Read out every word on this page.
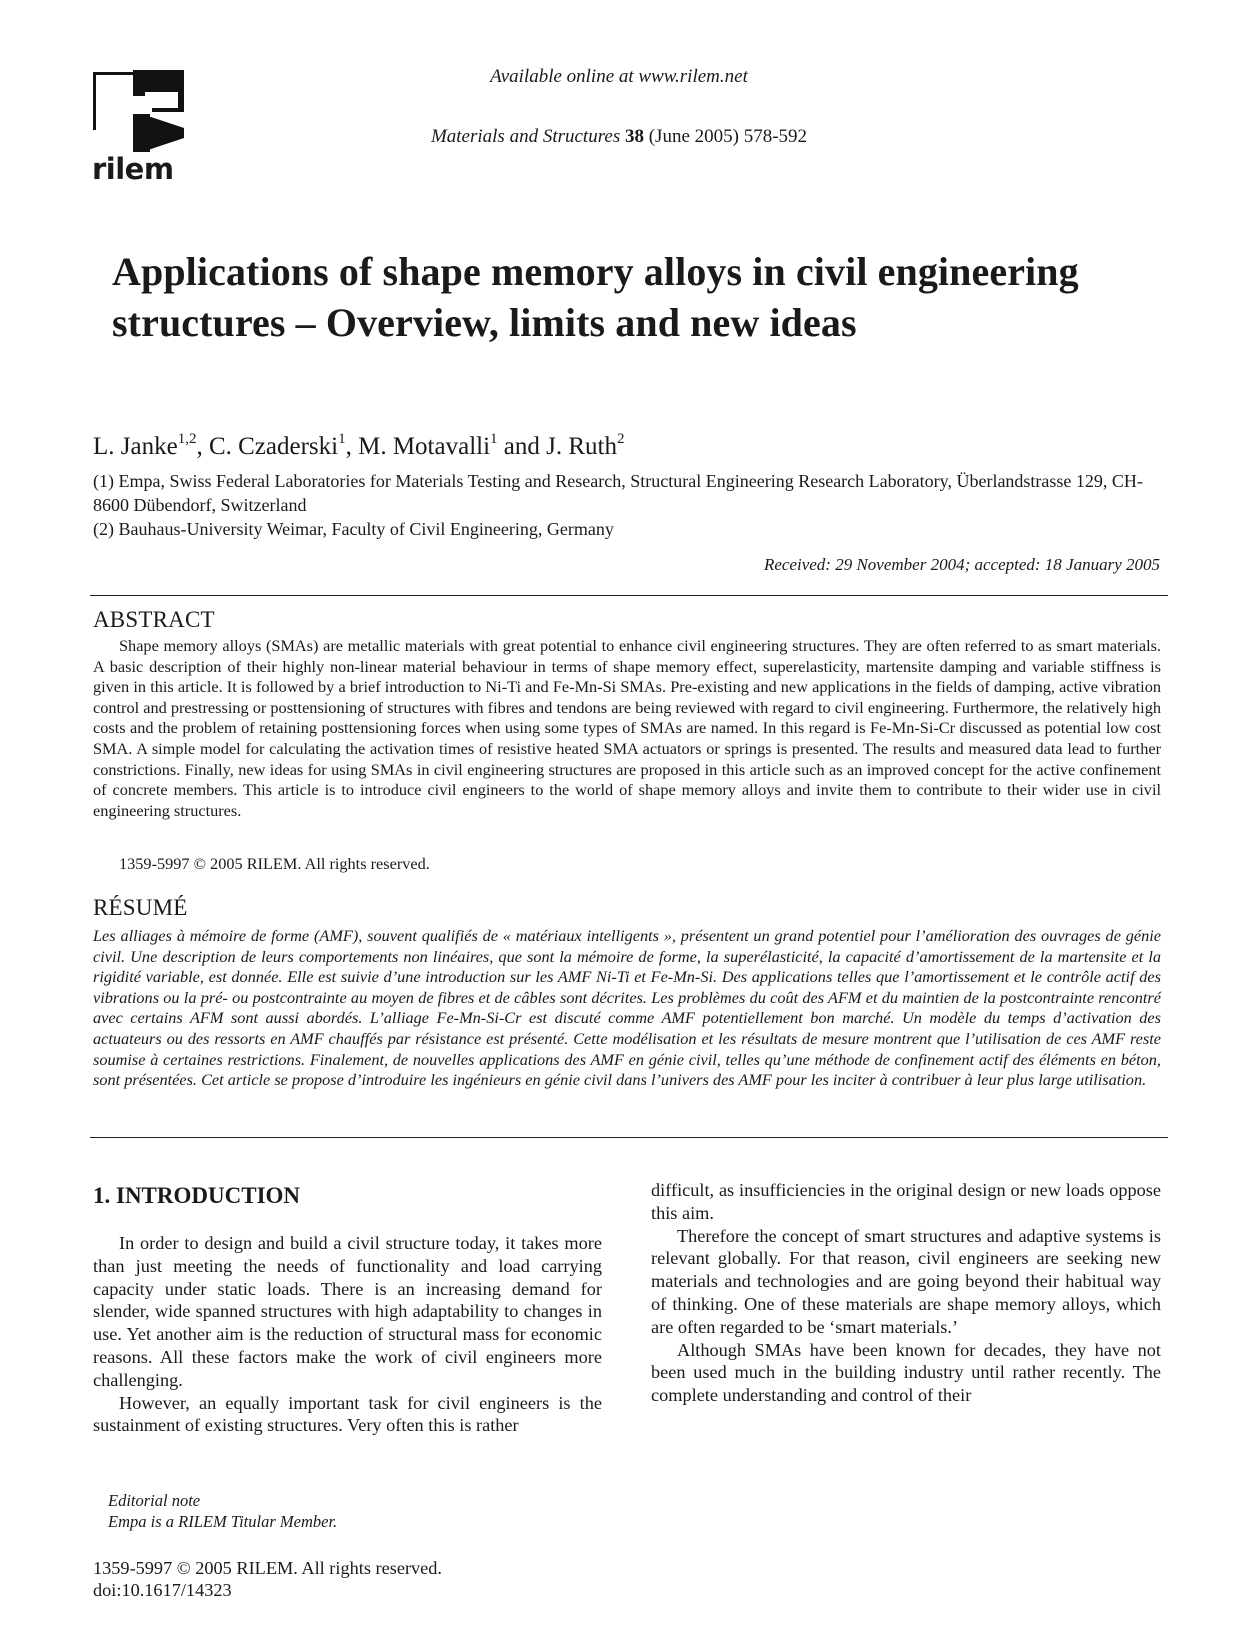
rilem
Available online at www.rilem.net
Materials and Structures 38 (June 2005) 578-592
Applications of shape memory alloys in civil engineering
structures – Overview, limits and new ideas
L. Janke$^{1,2}$, C. Czaderski$^1$, M. Motavalli$^1$ and J. Ruth$^2$
(1) Empa, Swiss Federal Laboratories for Materials Testing and Research, Structural Engineering Research Laboratory, Überlandstrasse 129, CH-8600 Dübendorf, Switzerland
(2) Bauhaus-University Weimar, Faculty of Civil Engineering, Germany
Received: 29 November 2004; accepted: 18 January 2005
ABSTRACT
Shape memory alloys (SMAs) are metallic materials with great potential to enhance civil engineering structures. They are often referred to as smart materials. A basic description of their highly non-linear material behaviour in terms of shape memory effect, superelasticity, martensite damping and variable stiffness is given in this article. It is followed by a brief introduction to Ni-Ti and Fe-Mn-Si SMAs. Pre-existing and new applications in the fields of damping, active vibration control and prestressing or posttensioning of structures with fibres and tendons are being reviewed with regard to civil engineering. Furthermore, the relatively high costs and the problem of retaining posttensioning forces when using some types of SMAs are named. In this regard is Fe-Mn-Si-Cr discussed as potential low cost SMA. A simple model for calculating the activation times of resistive heated SMA actuators or springs is presented. The results and measured data lead to further constrictions. Finally, new ideas for using SMAs in civil engineering structures are proposed in this article such as an improved concept for the active confinement of concrete members. This article is to introduce civil engineers to the world of shape memory alloys and invite them to contribute to their wider use in civil engineering structures.
1359-5997 © 2005 RILEM. All rights reserved.
RÉSUMÉ
Les alliages à mémoire de forme (AMF), souvent qualifiés de « matériaux intelligents », présentent un grand potentiel pour l’amélioration des ouvrages de génie civil. Une description de leurs comportements non linéaires, que sont la mémoire de forme, la superélasticité, la capacité d’amortissement de la martensite et la rigidité variable, est donnée. Elle est suivie d’une introduction sur les AMF Ni-Ti et Fe-Mn-Si. Des applications telles que l’amortissement et le contrôle actif des vibrations ou la pré- ou postcontrainte au moyen de fibres et de câbles sont décrites. Les problèmes du coût des AFM et du maintien de la postcontrainte rencontré avec certains AFM sont aussi abordés. L’alliage Fe-Mn-Si-Cr est discuté comme AMF potentiellement bon marché. Un modèle du temps d’activation des actuateurs ou des ressorts en AMF chauffés par résistance est présenté. Cette modélisation et les résultats de mesure montrent que l’utilisation de ces AMF reste soumise à certaines restrictions. Finalement, de nouvelles applications des AMF en génie civil, telles qu’une méthode de confinement actif des éléments en béton, sont présentées. Cet article se propose d’introduire les ingénieurs en génie civil dans l’univers des AMF pour les inciter à contribuer à leur plus large utilisation.
1. INTRODUCTION

In order to design and build a civil structure today, it takes more than just meeting the needs of functionality and load carrying capacity under static loads. There is an increasing demand for slender, wide spanned structures with high adaptability to changes in use. Yet another aim is the reduction of structural mass for economic reasons. All these factors make the work of civil engineers more challenging.

However, an equally important task for civil engineers is the sustainment of existing structures. Very often this is rather

difficult, as insufficiencies in the original design or new loads oppose this aim.

Therefore the concept of smart structures and adaptive systems is relevant globally. For that reason, civil engineers are seeking new materials and technologies and are going beyond their habitual way of thinking. One of these materials are shape memory alloys, which are often regarded to be ‘smart materials.’

Although SMAs have been known for decades, they have not been used much in the building industry until rather recently. The complete understanding and control of their

Editorial note
Empa is a RILEM Titular Member.
1359-5997 © 2005 RILEM. All rights reserved.
doi:10.1617/14323
